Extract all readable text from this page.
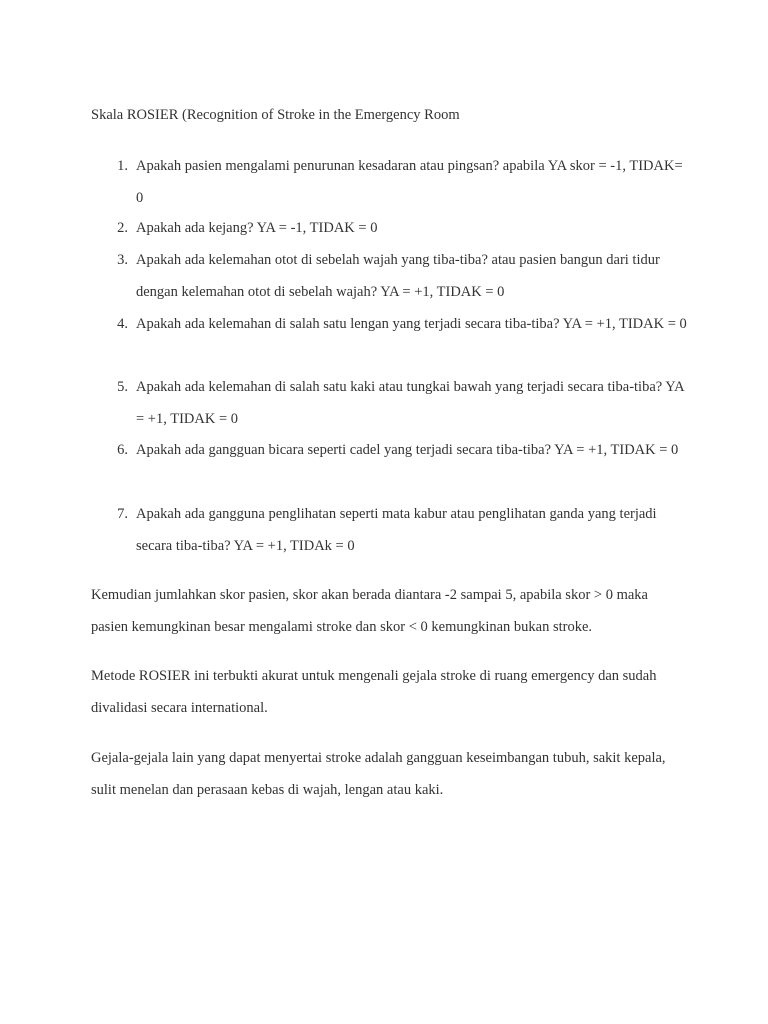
Skala ROSIER (Recognition of Stroke in the Emergency Room
1. Apakah pasien mengalami penurunan kesadaran atau pingsan? apabila YA skor = -1, TIDAK= 0
2. Apakah ada kejang? YA = -1, TIDAK = 0
3. Apakah ada kelemahan otot di sebelah wajah yang tiba-tiba? atau pasien bangun dari tidur dengan kelemahan otot di sebelah wajah? YA = +1, TIDAK = 0
4. Apakah ada kelemahan di salah satu lengan yang terjadi secara tiba-tiba? YA = +1, TIDAK = 0
5. Apakah ada kelemahan di salah satu kaki atau tungkai bawah yang terjadi secara tiba-tiba? YA = +1, TIDAK = 0
6. Apakah ada gangguan bicara seperti cadel yang terjadi secara tiba-tiba? YA = +1, TIDAK = 0
7. Apakah ada gangguna penglihatan seperti mata kabur atau penglihatan ganda yang terjadi secara tiba-tiba? YA = +1, TIDAk = 0
Kemudian jumlahkan skor pasien, skor akan berada diantara -2 sampai 5, apabila skor > 0 maka pasien kemungkinan besar mengalami stroke dan skor < 0 kemungkinan bukan stroke.
Metode ROSIER ini terbukti akurat untuk mengenali gejala stroke di ruang emergency dan sudah divalidasi secara international.
Gejala-gejala lain yang dapat menyertai stroke adalah gangguan keseimbangan tubuh, sakit kepala, sulit menelan dan perasaan kebas di wajah, lengan atau kaki.
